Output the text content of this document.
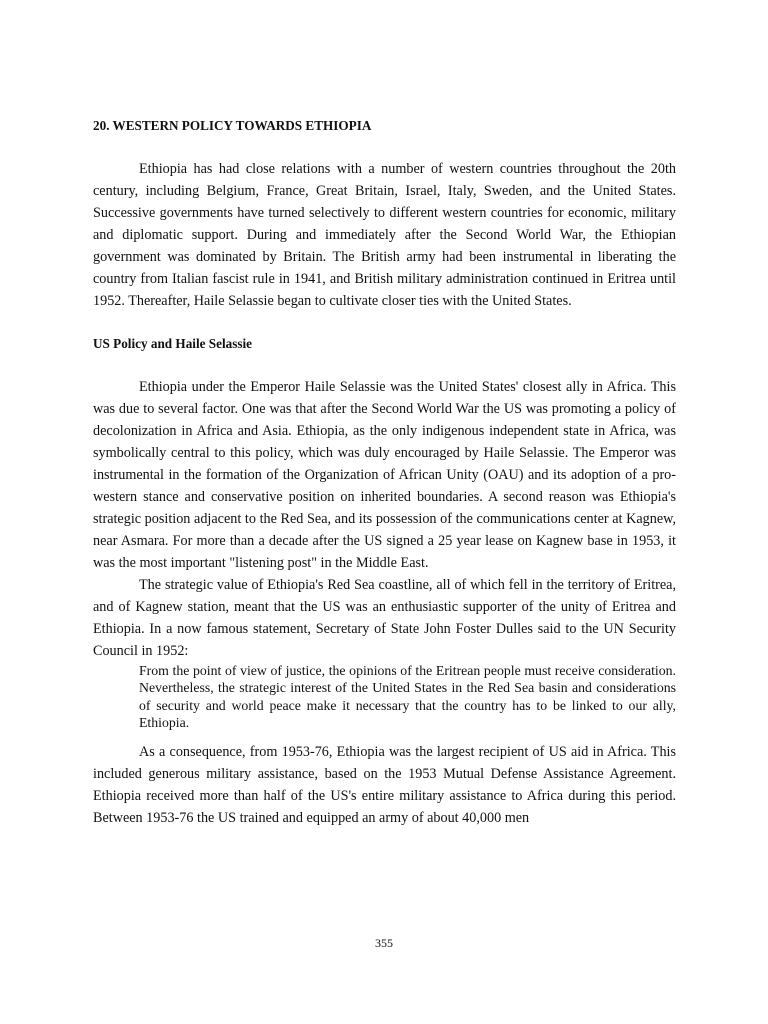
20. WESTERN POLICY TOWARDS ETHIOPIA

Ethiopia has had close relations with a number of western countries throughout the 20th century, including Belgium, France, Great Britain, Israel, Italy, Sweden, and the United States. Successive governments have turned selectively to different western countries for economic, military and diplomatic support. During and immediately after the Second World War, the Ethiopian government was dominated by Britain. The British army had been instrumental in liberating the country from Italian fascist rule in 1941, and British military administration continued in Eritrea until 1952. Thereafter, Haile Selassie began to cultivate closer ties with the United States.

US Policy and Haile Selassie

Ethiopia under the Emperor Haile Selassie was the United States' closest ally in Africa. This was due to several factor. One was that after the Second World War the US was promoting a policy of decolonization in Africa and Asia. Ethiopia, as the only indigenous independent state in Africa, was symbolically central to this policy, which was duly encouraged by Haile Selassie. The Emperor was instrumental in the formation of the Organization of African Unity (OAU) and its adoption of a pro-western stance and conservative position on inherited boundaries. A second reason was Ethiopia's strategic position adjacent to the Red Sea, and its possession of the communications center at Kagnew, near Asmara. For more than a decade after the US signed a 25 year lease on Kagnew base in 1953, it was the most important "listening post" in the Middle East.

The strategic value of Ethiopia's Red Sea coastline, all of which fell in the territory of Eritrea, and of Kagnew station, meant that the US was an enthusiastic supporter of the unity of Eritrea and Ethiopia. In a now famous statement, Secretary of State John Foster Dulles said to the UN Security Council in 1952:

From the point of view of justice, the opinions of the Eritrean people must receive consideration. Nevertheless, the strategic interest of the United States in the Red Sea basin and considerations of security and world peace make it necessary that the country has to be linked to our ally, Ethiopia.

As a consequence, from 1953-76, Ethiopia was the largest recipient of US aid in Africa. This included generous military assistance, based on the 1953 Mutual Defense Assistance Agreement. Ethiopia received more than half of the US's entire military assistance to Africa during this period. Between 1953-76 the US trained and equipped an army of about 40,000 men

355
